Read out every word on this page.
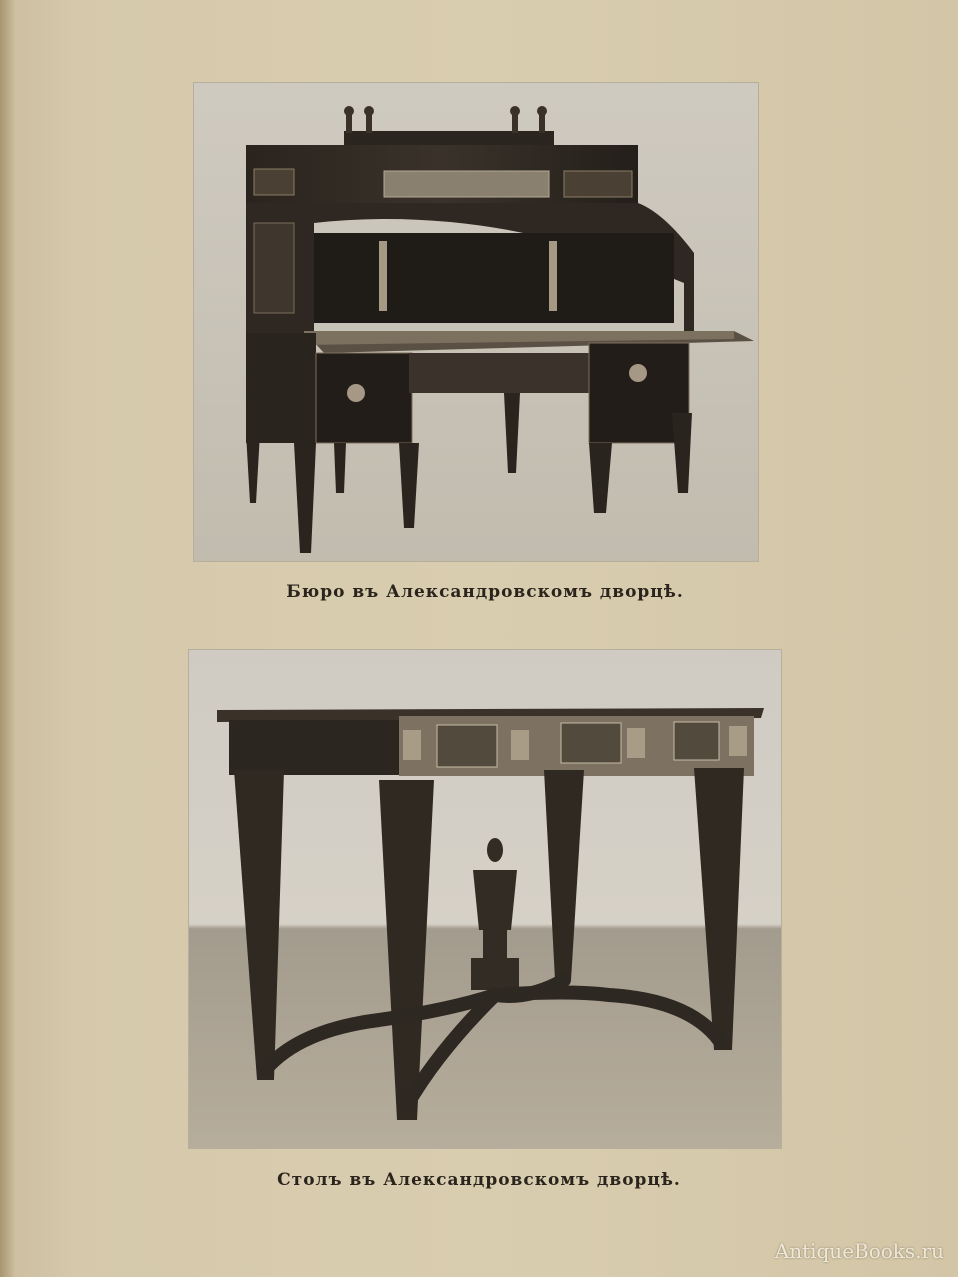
Бюро въ Александровскомъ дворцѣ.
Столъ въ Александровскомъ дворцѣ.
AntiqueBooks.ru
